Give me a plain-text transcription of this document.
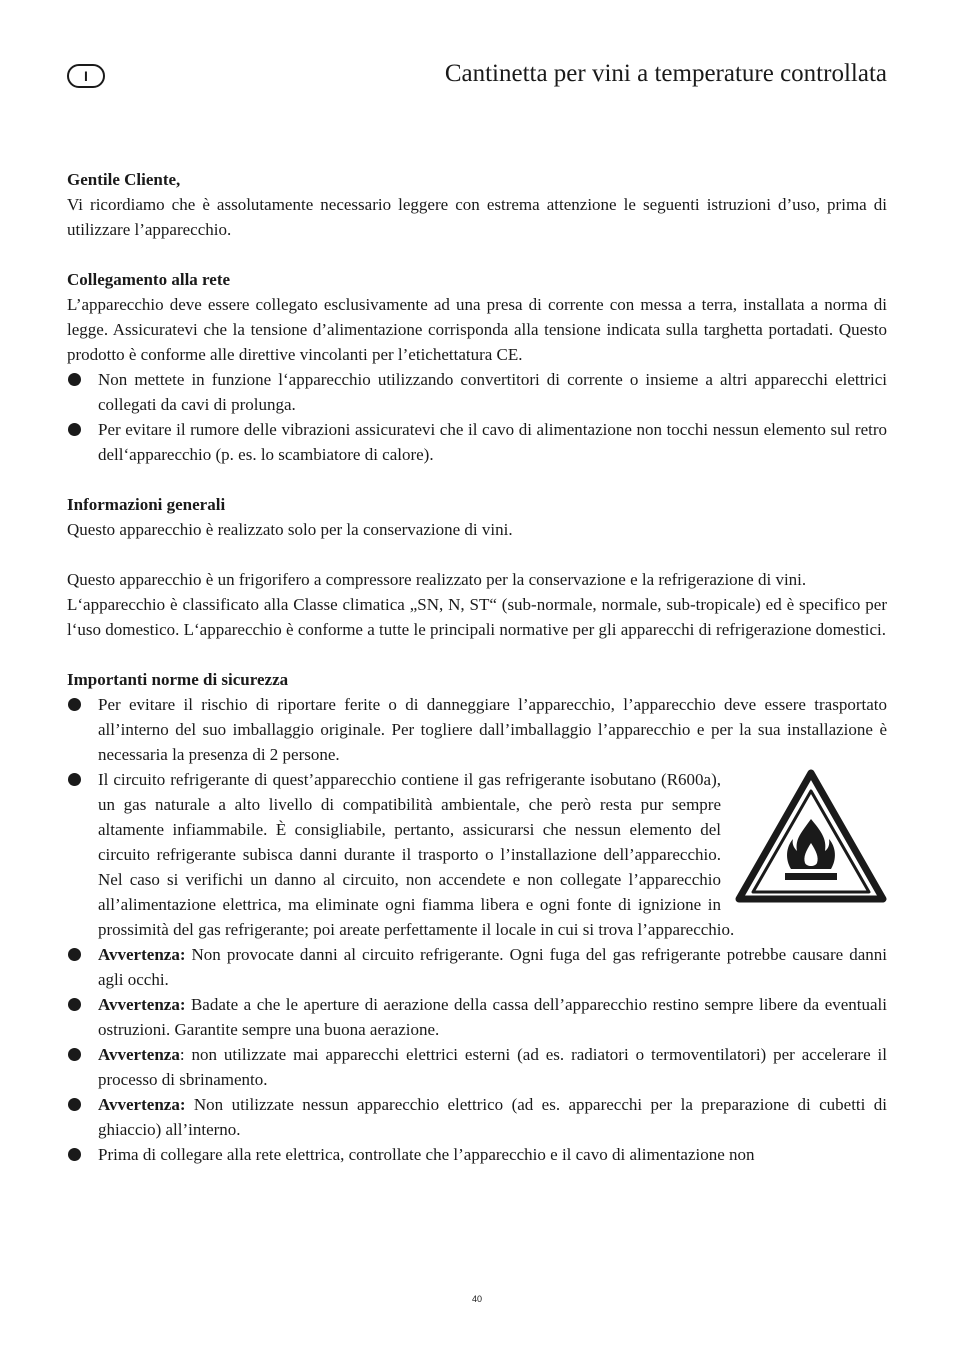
I	Cantinetta per vini a temperature controllata
Gentile Cliente,

Vi ricordiamo che è assolutamente necessario leggere con estrema attenzione le seguenti istruzioni d’uso, prima di utilizzare l’apparecchio.

Collegamento alla rete

L’apparecchio deve essere collegato esclusivamente ad una presa di corrente con messa a terra, installata a norma di legge. Assicuratevi che la tensione d’alimentazione corrisponda alla tensione indicata sulla targhetta portadati. Questo prodotto è conforme alle direttive vincolanti per l’etichettatura CE.

Non mettete in funzione l‘apparecchio utilizzando convertitori di corrente o insieme a altri apparecchi elettrici collegati da cavi di prolunga.
Per evitare il rumore delle vibrazioni assicuratevi che il cavo di alimentazione non tocchi nessun elemento sul retro dell‘apparecchio (p. es. lo scambiatore di calore).
Informazioni generali

Questo apparecchio è realizzato solo per la conservazione di vini.

Questo apparecchio è un frigorifero a compressore realizzato per la conservazione e la refrigerazione di vini.

L‘apparecchio è classificato alla Classe climatica „SN, N, ST“ (sub-normale, normale, sub-tropicale) ed è specifico per l‘uso domestico. L‘apparecchio è conforme a tutte le principali normative per gli apparecchi di refrigerazione domestici.

Importanti norme di sicurezza
Per evitare il rischio di riportare ferite o di danneggiare l’apparecchio, l’apparecchio deve essere trasportato all’interno del suo imballaggio originale. Per togliere dall’imballaggio l’apparecchio e per la sua installazione è necessaria la presenza di 2 persone.
Il circuito refrigerante di quest’apparecchio contiene il gas refrigerante isobutano (R600a), un gas naturale a alto livello di compatibilità ambientale, che però resta pur sempre altamente infiammabile. È consigliabile, pertanto, assicurarsi che nessun elemento del circuito refrigerante subisca danni durante il trasporto o l’installazione dell’apparecchio. Nel caso si verifichi un danno al circuito, non accendete e non collegate l’apparecchio all’alimentazione elettrica, ma eliminate ogni fiamma libera e ogni fonte di ignizione in prossimità del gas refrigerante; poi areate perfettamente il locale in cui si trova l’apparecchio.
Avvertenza: Non provocate danni al circuito refrigerante. Ogni fuga del gas refrigerante potrebbe causare danni agli occhi.
Avvertenza: Badate a che le aperture di aerazione della cassa dell’apparecchio restino sempre libere da eventuali ostruzioni. Garantite sempre una buona aerazione.
Avvertenza: non utilizzate mai apparecchi elettrici esterni (ad es. radiatori o termoventilatori) per accelerare il processo di sbrinamento.
Avvertenza: Non utilizzate nessun apparecchio elettrico (ad es. apparecchi per la preparazione di cubetti di ghiaccio) all’interno.
Prima di collegare alla rete elettrica, controllate che l’apparecchio e il cavo di alimentazione non
40
